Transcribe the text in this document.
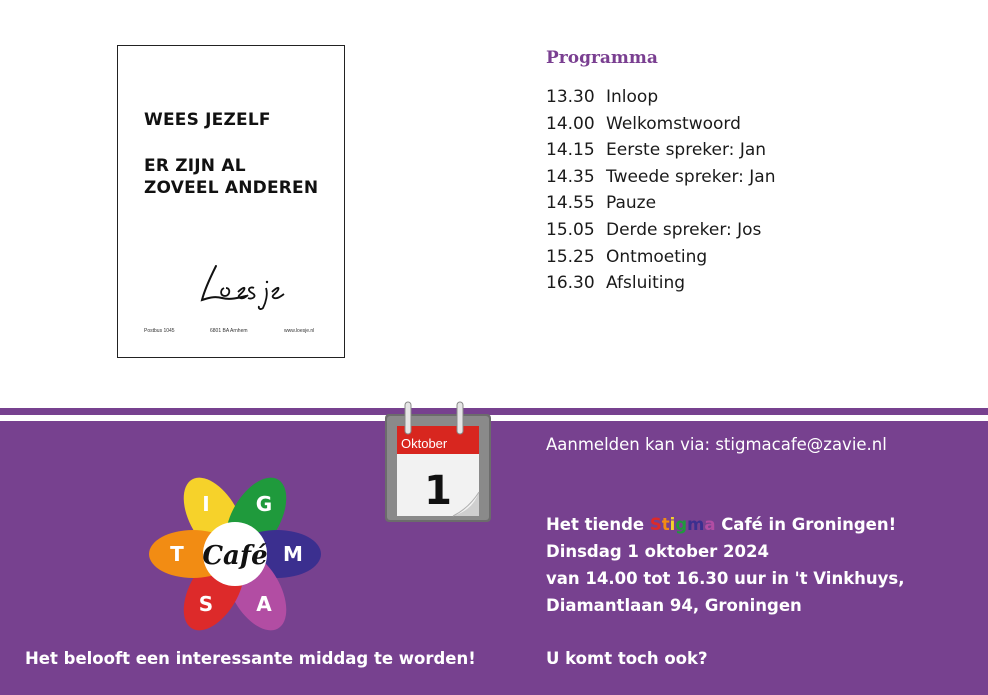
WEES JEZELF
ER ZIJN AL
ZOVEEL ANDEREN
Postbus 1045	6801 BA Arnhem	www.loesje.nl
Programma
13.30 Inloop
14.00 Welkomstwoord
14.15 Eerste spreker: Jan
14.35 Tweede spreker: Jan
14.55 Pauze
15.05 Derde spreker: Jos
15.25 Ontmoeting
16.30 Afsluiting
Oktober
1
I G
M
A
S
T Café
Aanmelden kan via: stigmacafe@zavie.nl
Het tiende Stigma Café in Groningen!
Dinsdag 1 oktober 2024
van 14.00 tot 16.30 uur in 't Vinkhuys,
Diamantlaan 94, Groningen
U komt toch ook?
Het belooft een interessante middag te worden!
